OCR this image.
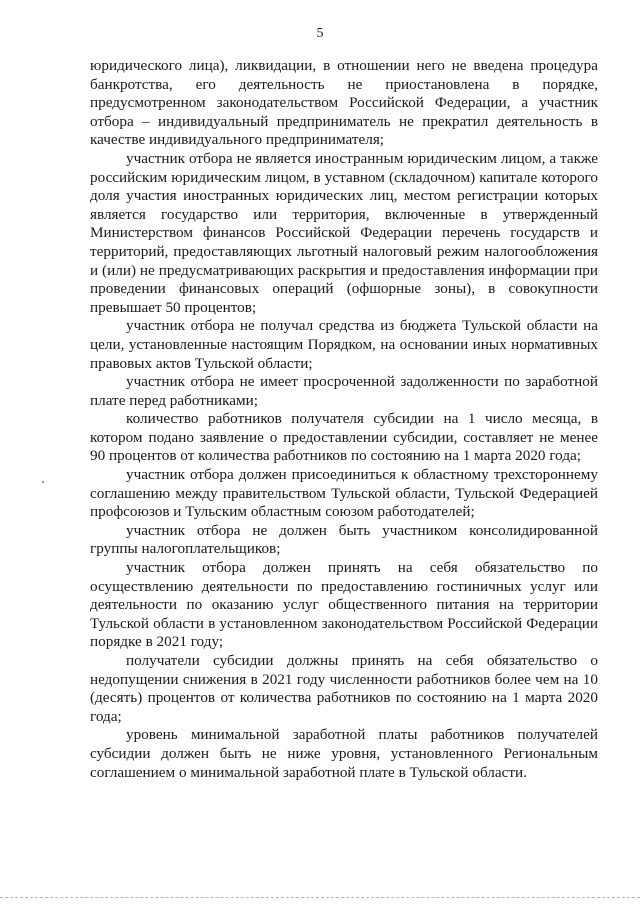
5

юридического лица), ликвидации, в отношении него не введена процедура банкротства, его деятельность не приостановлена в порядке, предусмотренном законодательством Российской Федерации, а участник отбора – индивидуальный предприниматель не прекратил деятельность в качестве индивидуального предпринимателя;

участник отбора не является иностранным юридическим лицом, а также российским юридическим лицом, в уставном (складочном) капитале которого доля участия иностранных юридических лиц, местом регистрации которых является государство или территория, включенные в утвержденный Министерством финансов Российской Федерации перечень государств и территорий, предоставляющих льготный налоговый режим налогообложения и (или) не предусматривающих раскрытия и предоставления информации при проведении финансовых операций (офшорные зоны), в совокупности превышает 50 процентов;

участник отбора не получал средства из бюджета Тульской области на цели, установленные настоящим Порядком, на основании иных нормативных правовых актов Тульской области;

участник отбора не имеет просроченной задолженности по заработной плате перед работниками;

количество работников получателя субсидии на 1 число месяца, в котором подано заявление о предоставлении субсидии, составляет не менее 90 процентов от количества работников по состоянию на 1 марта 2020 года;

участник отбора должен присоединиться к областному трехстороннему соглашению между правительством Тульской области, Тульской Федерацией профсоюзов и Тульским областным союзом работодателей;

участник отбора не должен быть участником консолидированной группы налогоплательщиков;

участник отбора должен принять на себя обязательство по осуществлению деятельности по предоставлению гостиничных услуг или деятельности по оказанию услуг общественного питания на территории Тульской области в установленном законодательством Российской Федерации порядке в 2021 году;

получатели субсидии должны принять на себя обязательство о недопущении снижения в 2021 году численности работников более чем на 10 (десять) процентов от количества работников по состоянию на 1 марта 2020 года;

уровень минимальной заработной платы работников получателей субсидии должен быть не ниже уровня, установленного Региональным соглашением о минимальной заработной плате в Тульской области.
